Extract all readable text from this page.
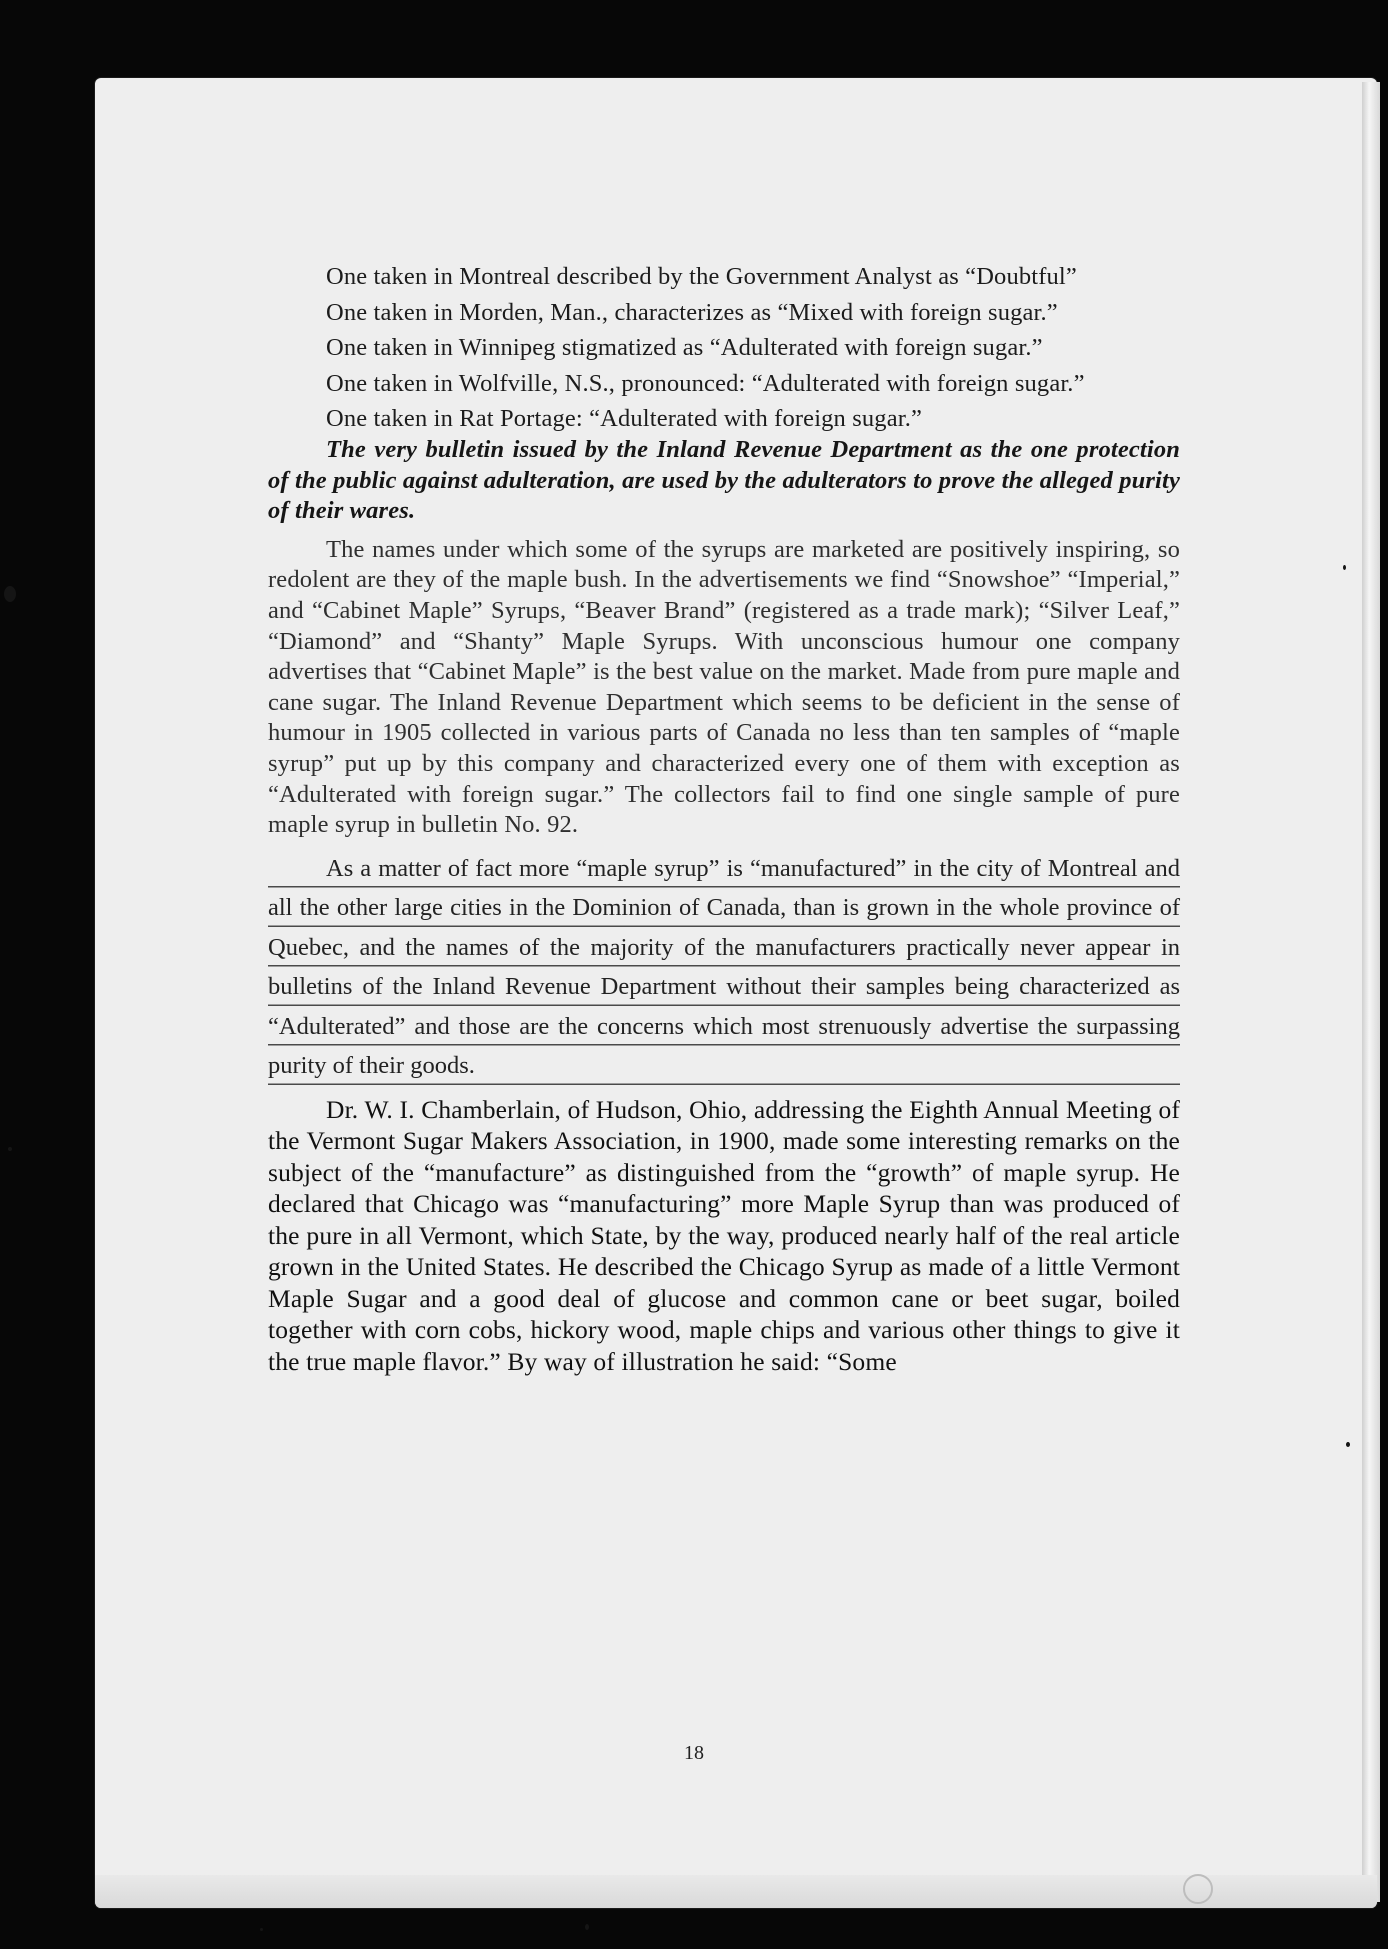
One taken in Montreal described by the Government Analyst as “Doubtful”

One taken in Morden, Man., characterizes as “Mixed with foreign sugar.”

One taken in Winnipeg stigmatized as “Adulterated with foreign sugar.”

One taken in Wolfville, N.S., pronounced: “Adulterated with foreign sugar.”

One taken in Rat Portage: “Adulterated with foreign sugar.”

The very bulletin issued by the Inland Revenue Department as the one protection of the public against adulteration, are used by the adulterators to prove the alleged purity of their wares.

The names under which some of the syrups are marketed are positively inspiring, so redolent are they of the maple bush. In the advertisements we find “Snowshoe” “Imperial,” and “Cabinet Maple” Syrups, “Beaver Brand” (registered as a trade mark); “Silver Leaf,” “Diamond” and “Shanty” Maple Syrups. With unconscious humour one company advertises that “Cabinet Maple” is the best value on the market. Made from pure maple and cane sugar. The Inland Revenue Department which seems to be deficient in the sense of humour in 1905 collected in various parts of Canada no less than ten samples of “maple syrup” put up by this company and characterized every one of them with exception as “Adulterated with foreign sugar.” The collectors fail to find one single sample of pure maple syrup in bulletin No. 92.

As a matter of fact more “maple syrup” is “manufactured” in the city of Montreal and all the other large cities in the Dominion of Canada, than is grown in the whole province of Quebec, and the names of the majority of the manufacturers practically never appear in bulletins of the Inland Revenue Department without their samples being characterized as “Adulterated” and those are the concerns which most strenuously advertise the surpassing purity of their goods.

Dr. W. I. Chamberlain, of Hudson, Ohio, addressing the Eighth Annual Meeting of the Vermont Sugar Makers Association, in 1900, made some interesting remarks on the subject of the “manufacture” as distinguished from the “growth” of maple syrup. He declared that Chicago was “manufacturing” more Maple Syrup than was produced of the pure in all Vermont, which State, by the way, produced nearly half of the real article grown in the United States. He described the Chicago Syrup as made of a little Vermont Maple Sugar and a good deal of glucose and common cane or beet sugar, boiled together with corn cobs, hickory wood, maple chips and various other things to give it the true maple flavor.” By way of illustration he said: “Some

18
